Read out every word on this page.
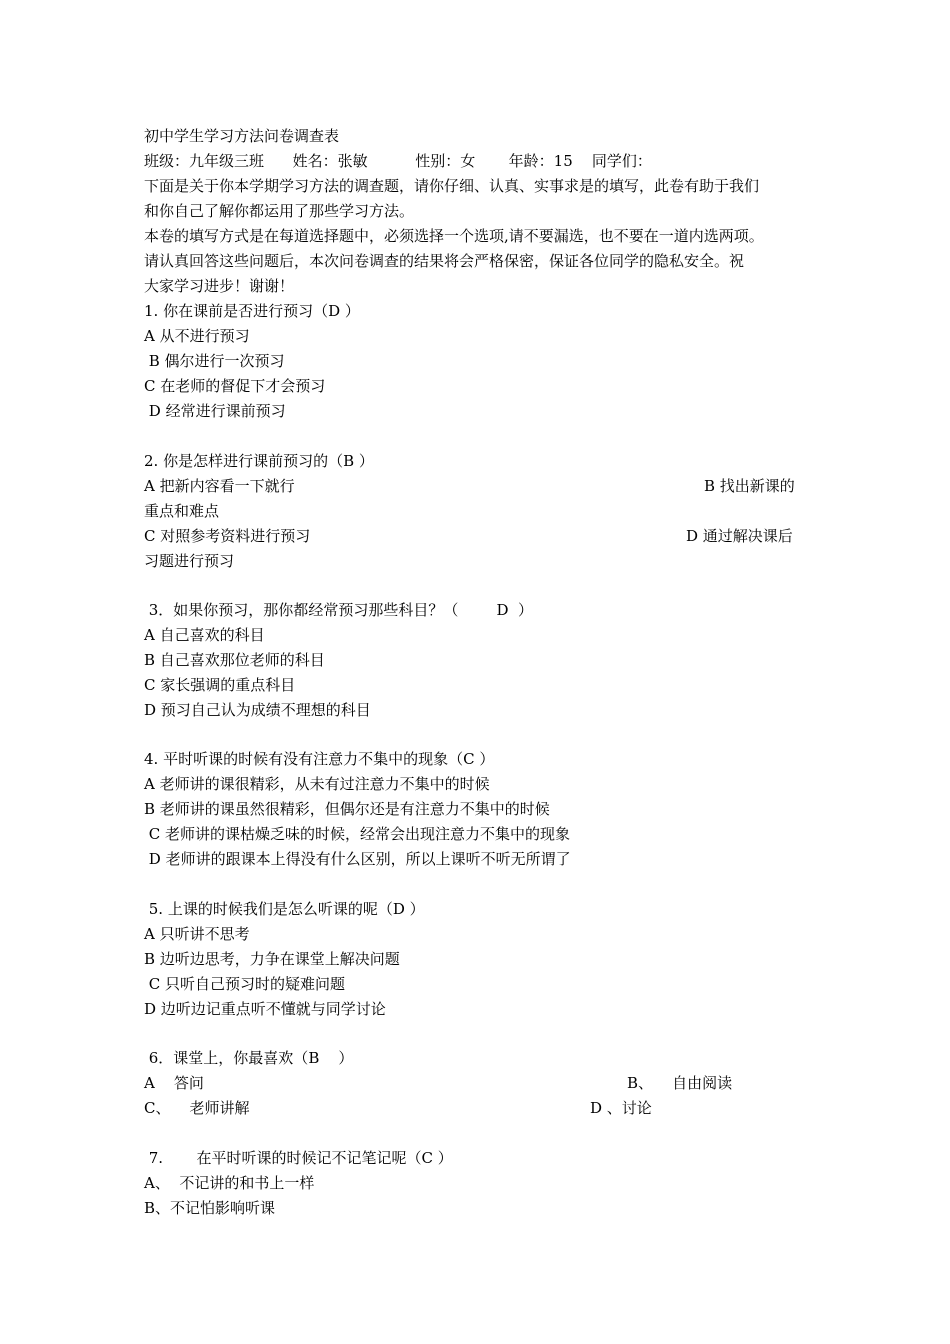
初中学生学习方法问卷调查表

班级：九年级三班      姓名：张敏          性别：女       年龄：15    同学们：

下面是关于你本学期学习方法的调查题，请你仔细、认真、实事求是的填写，此卷有助于我们

和你自己了解你都运用了那些学习方法。

本卷的填写方式是在每道选择题中，必须选择一个选项,请不要漏选，也不要在一道内选两项。

请认真回答这些问题后，本次问卷调查的结果将会严格保密，保证各位同学的隐私安全。祝

大家学习进步！谢谢！

1. 你在课前是否进行预习（D ）

A 从不进行预习

B 偶尔进行一次预习

C 在老师的督促下才会预习

D 经常进行课前预习

2. 你是怎样进行课前预习的（B ）

A 把新内容看一下就行	B 找出新课的

重点和难点

C 对照参考资料进行预习	D 通过解决课后

习题进行预习

3．如果你预习，那你都经常预习那些科目？（        D  ）

A 自己喜欢的科目

B 自己喜欢那位老师的科目

C 家长强调的重点科目

D 预习自己认为成绩不理想的科目

4. 平时听课的时候有没有注意力不集中的现象（C ）

A 老师讲的课很精彩，从未有过注意力不集中的时候

B 老师讲的课虽然很精彩，但偶尔还是有注意力不集中的时候

C 老师讲的课枯燥乏味的时候，经常会出现注意力不集中的现象

D 老师讲的跟课本上得没有什么区别，所以上课听不听无所谓了

5. 上课的时候我们是怎么听课的呢（D ）

A 只听讲不思考

B 边听边思考，力争在课堂上解决问题

C 只听自己预习时的疑难问题

D 边听边记重点听不懂就与同学讨论

6．课堂上，你最喜欢（B    ）

A    答问	B、    自由阅读

C、    老师讲解	D 、讨论

7.       在平时听课的时候记不记笔记呢（C ）

A、  不记讲的和书上一样

B、不记怕影响听课
